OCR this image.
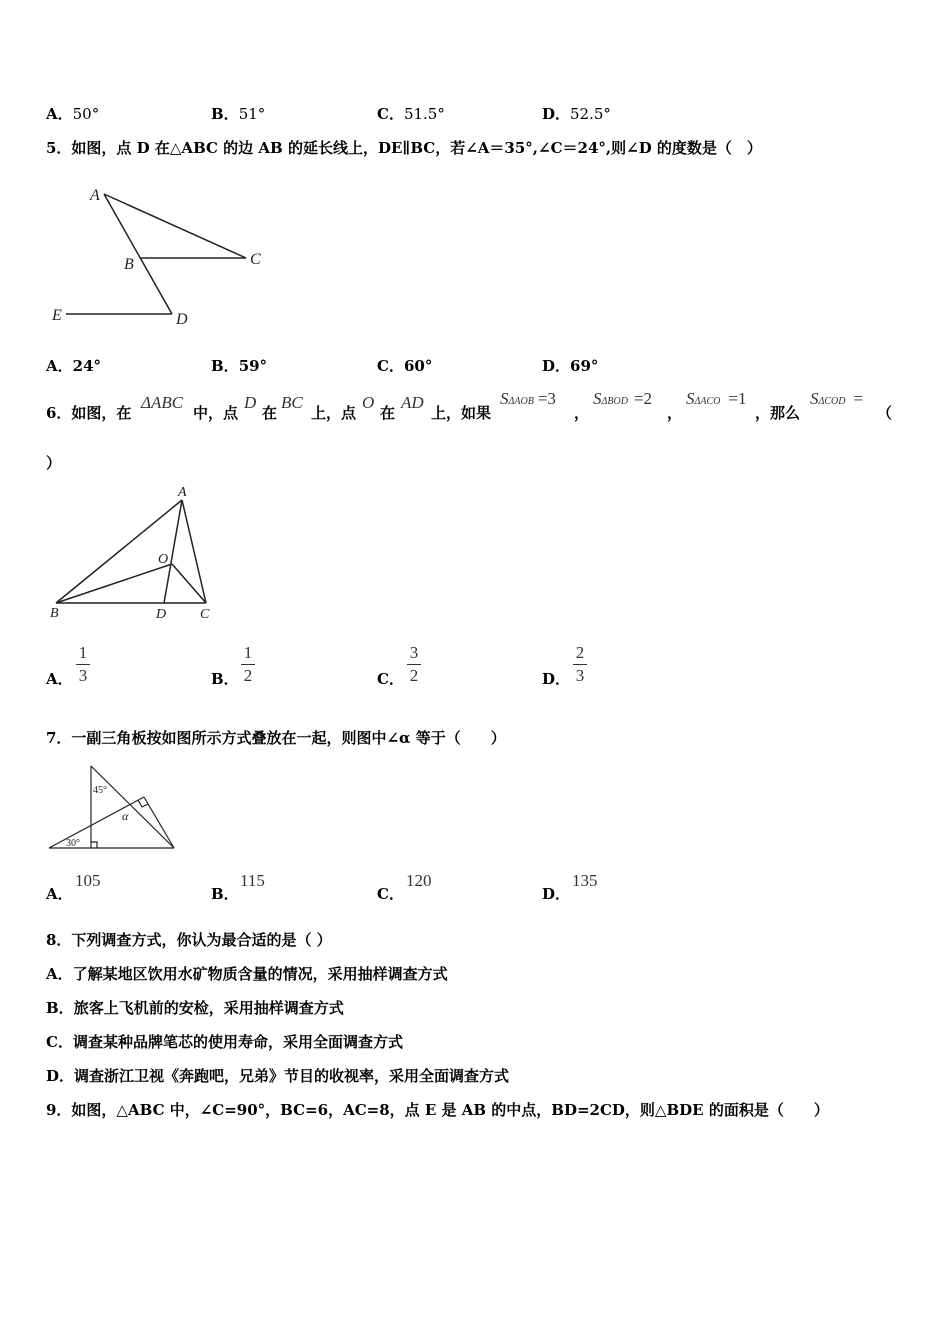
A．50°	B．51°	C．51.5°	D．52.5°
5．如图，点 D 在△ABC 的边 AB 的延长线上，DE∥BC，若∠A＝35°,∠C＝24°,则∠D 的度数是（　）
A
B	C
D
E
A．24°	B．59°	C．60°	D．69°
6．如图，在
ΔABC
中，点
D
在
BC
上，点
O
在
AD
上，如果
SΔAOB =3
，
SΔBOD =2
，
SΔACO =1
，那么
SΔCOD =
（
）
A
B	C
D
O
A．
1
3	B．
1
2	C．
3
2	D．
2
3
7．一副三角板按如图所示方式叠放在一起，则图中∠α 等于（　　）
45°
30°
α
A．
105
B．
115
C．
120
D．
135
8．下列调查方式，你认为最合适的是（ ）
A．了解某地区饮用水矿物质含量的情况，采用抽样调查方式
B．旅客上飞机前的安检，采用抽样调查方式
C．调查某种品牌笔芯的使用寿命，采用全面调查方式
D．调查浙江卫视《奔跑吧，兄弟》节目的收视率，采用全面调查方式
9．如图，△ABC 中，∠C=90°，BC=6，AC=8，点 E 是 AB 的中点，BD=2CD，则△BDE 的面积是（　　）
